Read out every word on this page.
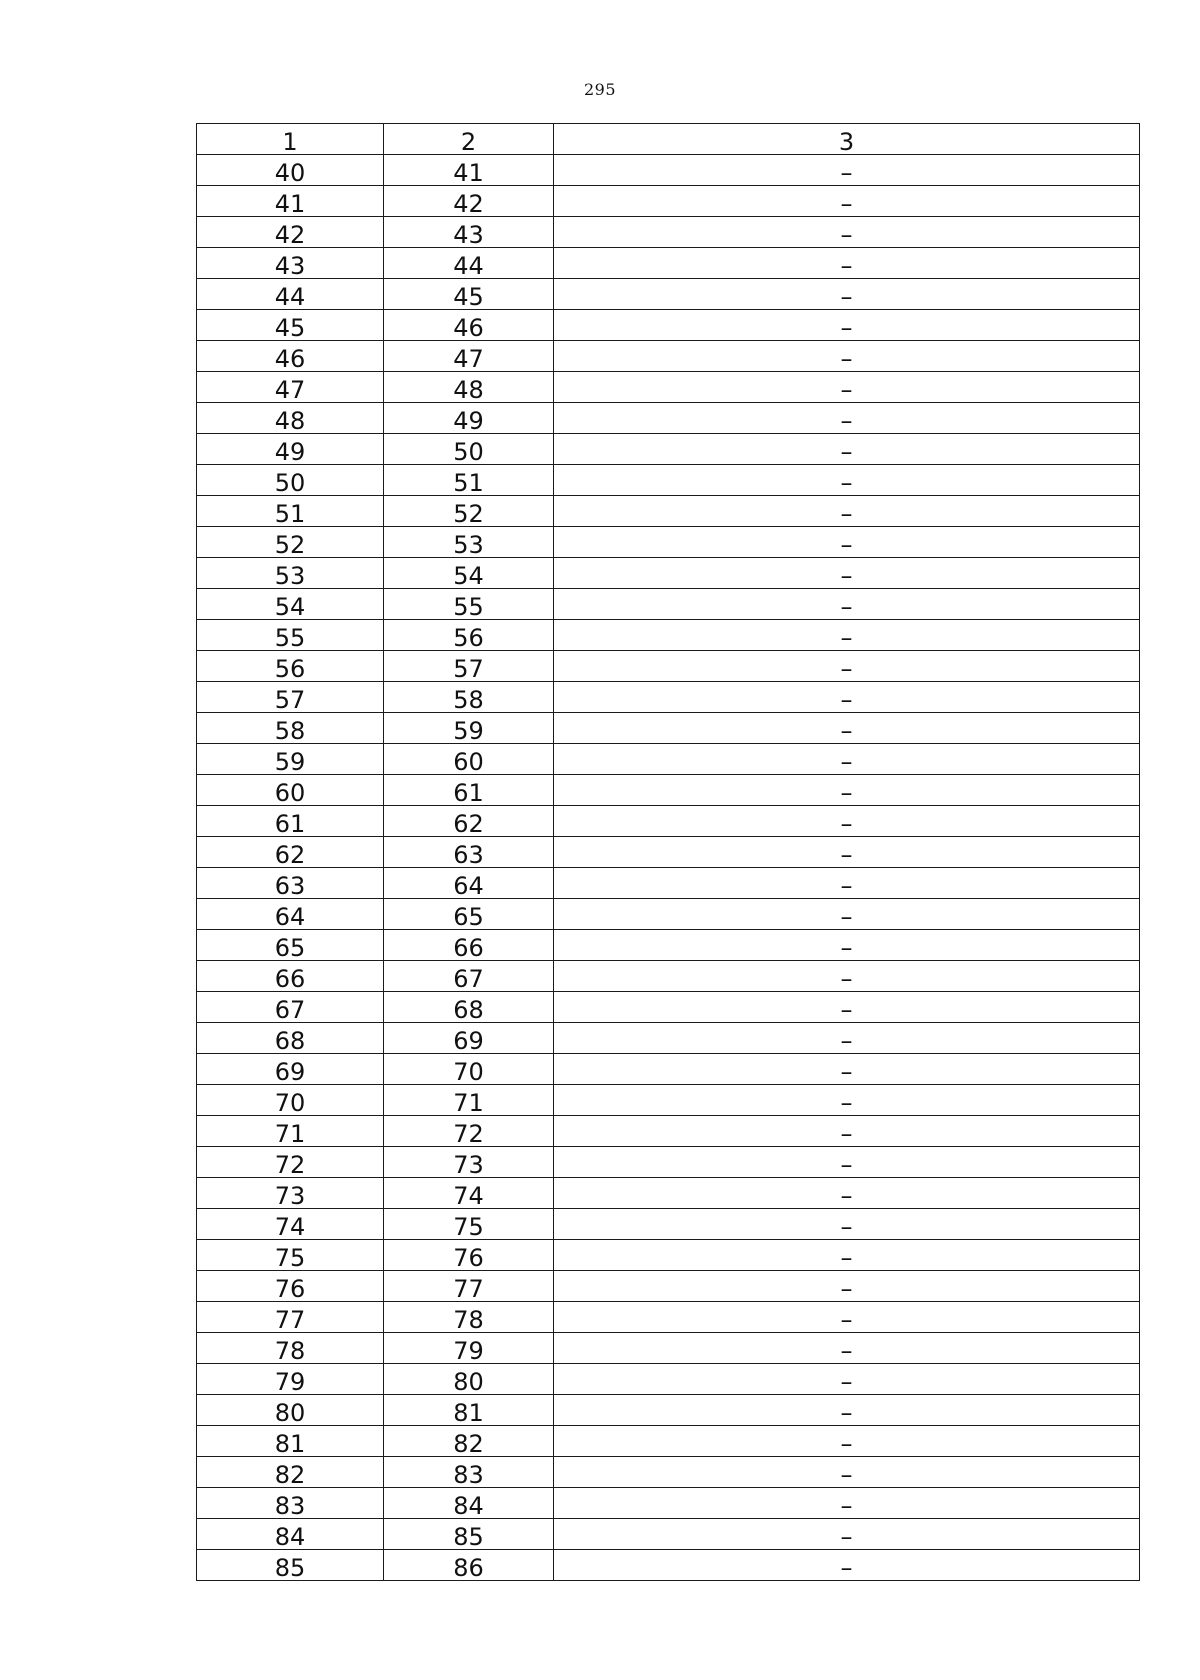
295
1	2	3
40	41	–
41	42	–
42	43	–
43	44	–
44	45	–
45	46	–
46	47	–
47	48	–
48	49	–
49	50	–
50	51	–
51	52	–
52	53	–
53	54	–
54	55	–
55	56	–
56	57	–
57	58	–
58	59	–
59	60	–
60	61	–
61	62	–
62	63	–
63	64	–
64	65	–
65	66	–
66	67	–
67	68	–
68	69	–
69	70	–
70	71	–
71	72	–
72	73	–
73	74	–
74	75	–
75	76	–
76	77	–
77	78	–
78	79	–
79	80	–
80	81	–
81	82	–
82	83	–
83	84	–
84	85	–
85	86	–
